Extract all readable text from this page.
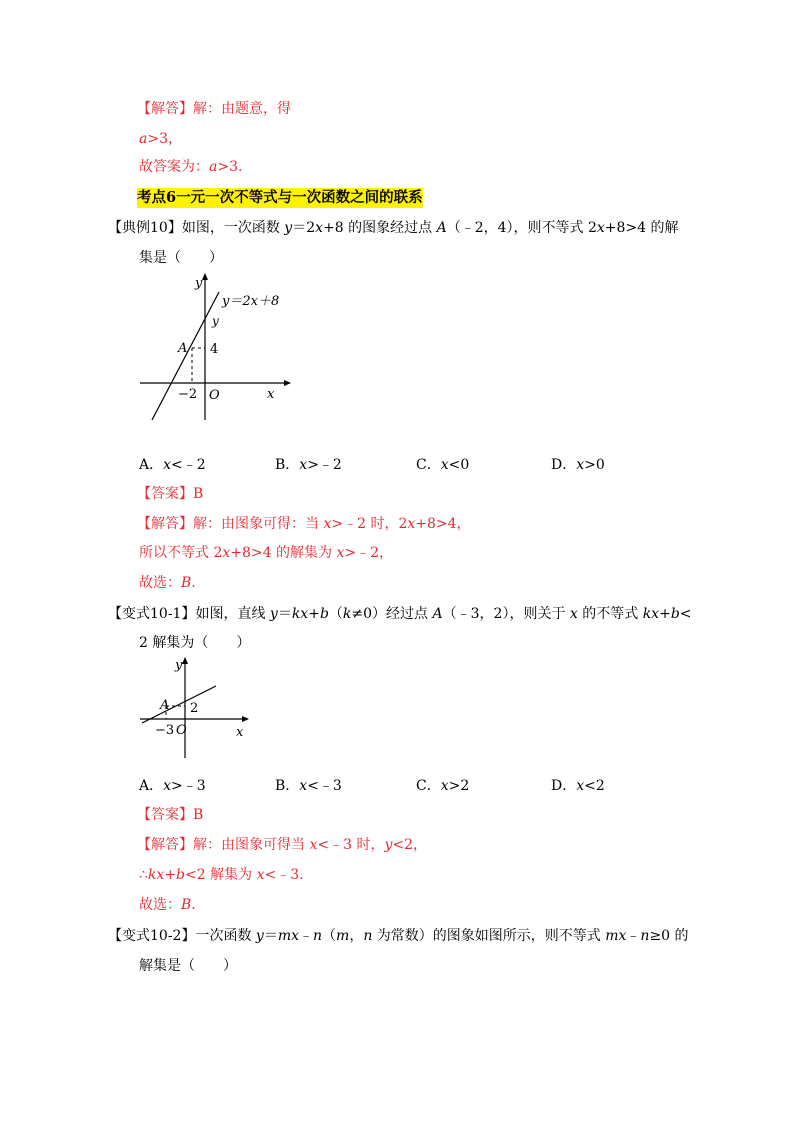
【解答】解：由题意，得
a>3，
故答案为：a>3.
考点6一元一次不等式与一次函数之间的联系
【典例10】如图，一次函数 y＝2x+8 的图象经过点 A（﹣2，4），则不等式 2x+8>4 的解
集是（　　）
y
y＝2x＋8
y
A 4
−2 O	x
A．x<﹣2	B．x>﹣2	C．x<0	D．x>0
【答案】B
【解答】解：由图象可得：当 x>﹣2 时，2x+8>4，
所以不等式 2x+8>4 的解集为 x>﹣2，
故选：B.
【变式10-1】如图，直线 y＝kx+b（k≠0）经过点 A（﹣3，2），则关于 x 的不等式 kx+b<
2 解集为（　　）
y
A 2
−3 O	x
A．x>﹣3	B．x<﹣3	C．x>2	D．x<2
【答案】B
【解答】解：由图象可得当 x<﹣3 时，y<2，
∴kx+b<2 解集为 x<﹣3.
故选：B.
【变式10-2】一次函数 y＝mx﹣n（m，n 为常数）的图象如图所示，则不等式 mx﹣n≥0 的
解集是（　　）
